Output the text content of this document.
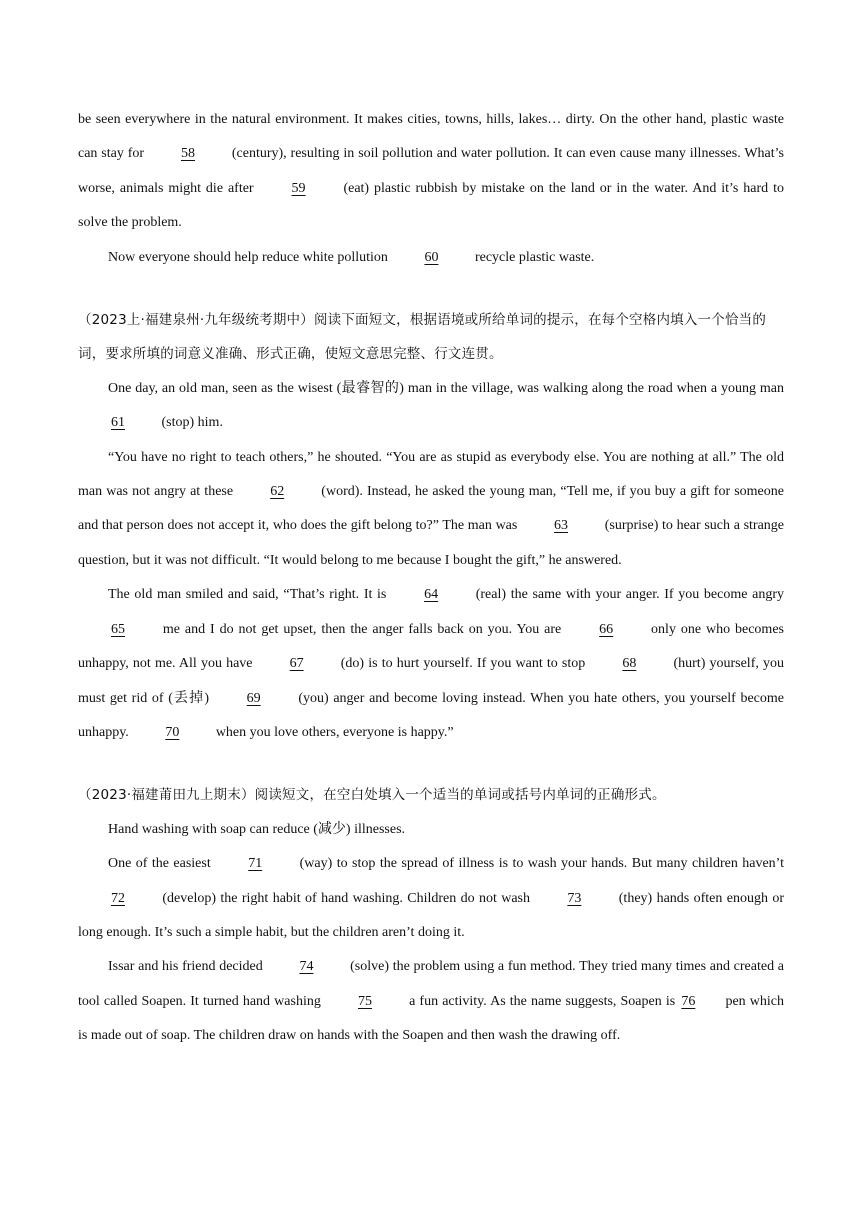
be seen everywhere in the natural environment. It makes cities, towns, hills, lakes… dirty. On the other hand, plastic waste can stay for 58 (century), resulting in soil pollution and water pollution. It can even cause many illnesses. What’s worse, animals might die after 59 (eat) plastic rubbish by mistake on the land or in the water. And it’s hard to solve the problem.

Now everyone should help reduce white pollution 60 recycle plastic waste.

（2023上·福建泉州·九年级统考期中）阅读下面短文，根据语境或所给单词的提示，在每个空格内填入一个恰当的词，要求所填的词意义准确、形式正确，使短文意思完整、行文连贯。

One day, an old man, seen as the wisest (最睿智的) man in the village, was walking along the road when a young man 61 (stop) him.

“You have no right to teach others,” he shouted. “You are as stupid as everybody else. You are nothing at all.” The old man was not angry at these 62 (word). Instead, he asked the young man, “Tell me, if you buy a gift for someone and that person does not accept it, who does the gift belong to?” The man was 63 (surprise) to hear such a strange question, but it was not difficult. “It would belong to me because I bought the gift,” he answered.

The old man smiled and said, “That’s right. It is 64 (real) the same with your anger. If you become angry 65 me and I do not get upset, then the anger falls back on you. You are 66 only one who becomes unhappy, not me. All you have 67 (do) is to hurt yourself. If you want to stop 68 (hurt) yourself, you must get rid of (丢掉) 69 (you) anger and become loving instead. When you hate others, you yourself become unhappy. 70 when you love others, everyone is happy.”

（2023·福建莆田九上期末）阅读短文，在空白处填入一个适当的单词或括号内单词的正确形式。

Hand washing with soap can reduce (减少) illnesses.

One of the easiest 71 (way) to stop the spread of illness is to wash your hands. But many children haven’t 72 (develop) the right habit of hand washing. Children do not wash 73 (they) hands often enough or long enough. It’s such a simple habit, but the children aren’t doing it.

Issar and his friend decided 74 (solve) the problem using a fun method. They tried many times and created a tool called Soapen. It turned hand washing 75 a fun activity. As the name suggests, Soapen is 76 pen which is made out of soap. The children draw on hands with the Soapen and then wash the drawing off.
